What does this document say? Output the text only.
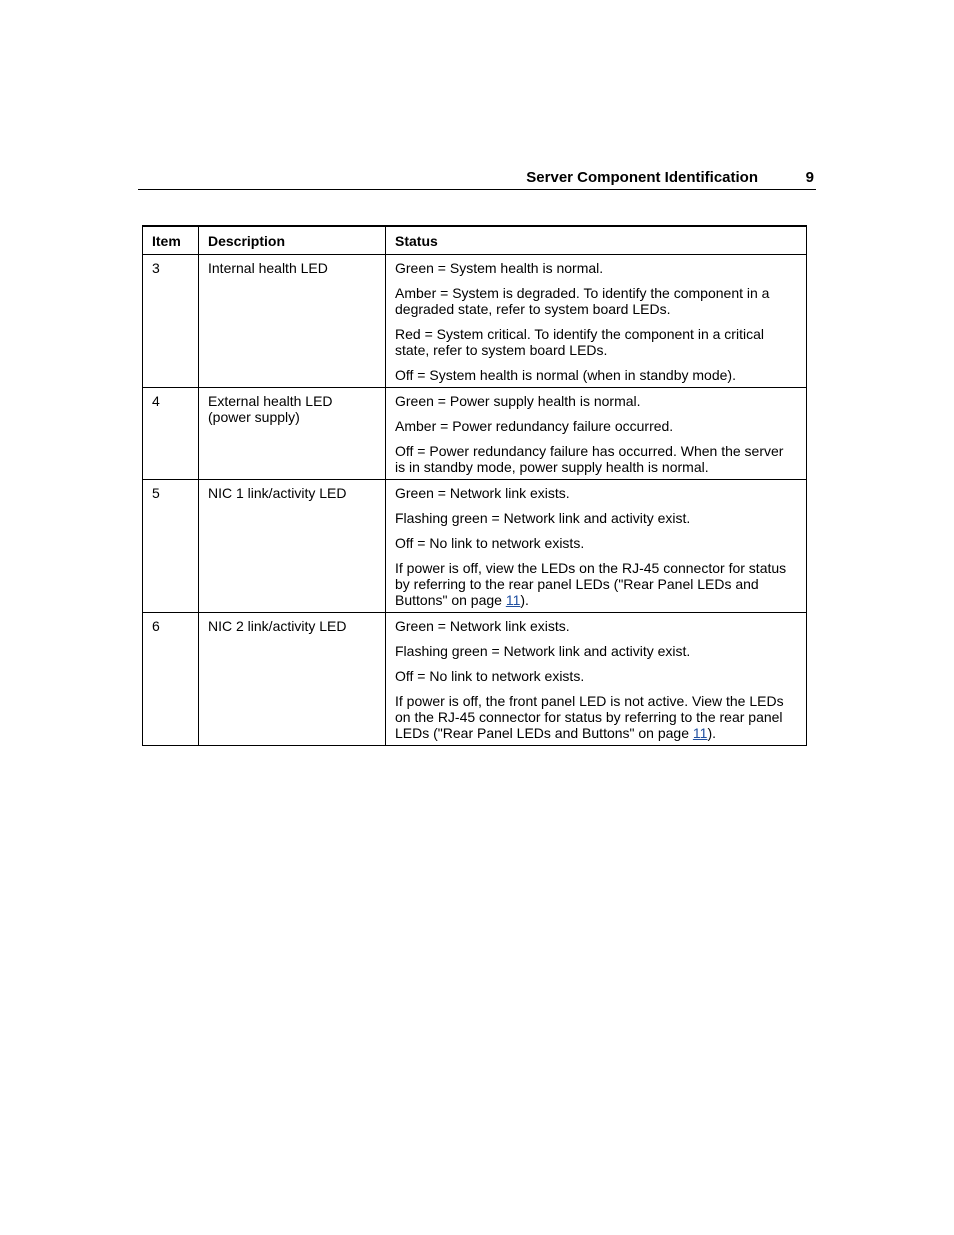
Server Component Identification	9
Item	Description	Status
3	Internal health LED	Green = System health is normal.

Amber = System is degraded. To identify the component in a degraded state, refer to system board LEDs.

Red = System critical. To identify the component in a critical state, refer to system board LEDs.

Off = System health is normal (when in standby mode).

4	External health LED (power supply)	Green = Power supply health is normal.

Amber = Power redundancy failure occurred.

Off = Power redundancy failure has occurred. When the server is in standby mode, power supply health is normal.

5	NIC 1 link/activity LED	Green = Network link exists.

Flashing green = Network link and activity exist.

Off = No link to network exists.

If power is off, view the LEDs on the RJ-45 connector for status by referring to the rear panel LEDs ("Rear Panel LEDs and Buttons" on page 11).

6	NIC 2 link/activity LED	Green = Network link exists.

Flashing green = Network link and activity exist.

Off = No link to network exists.

If power is off, the front panel LED is not active. View the LEDs on the RJ-45 connector for status by referring to the rear panel LEDs ("Rear Panel LEDs and Buttons" on page 11).
